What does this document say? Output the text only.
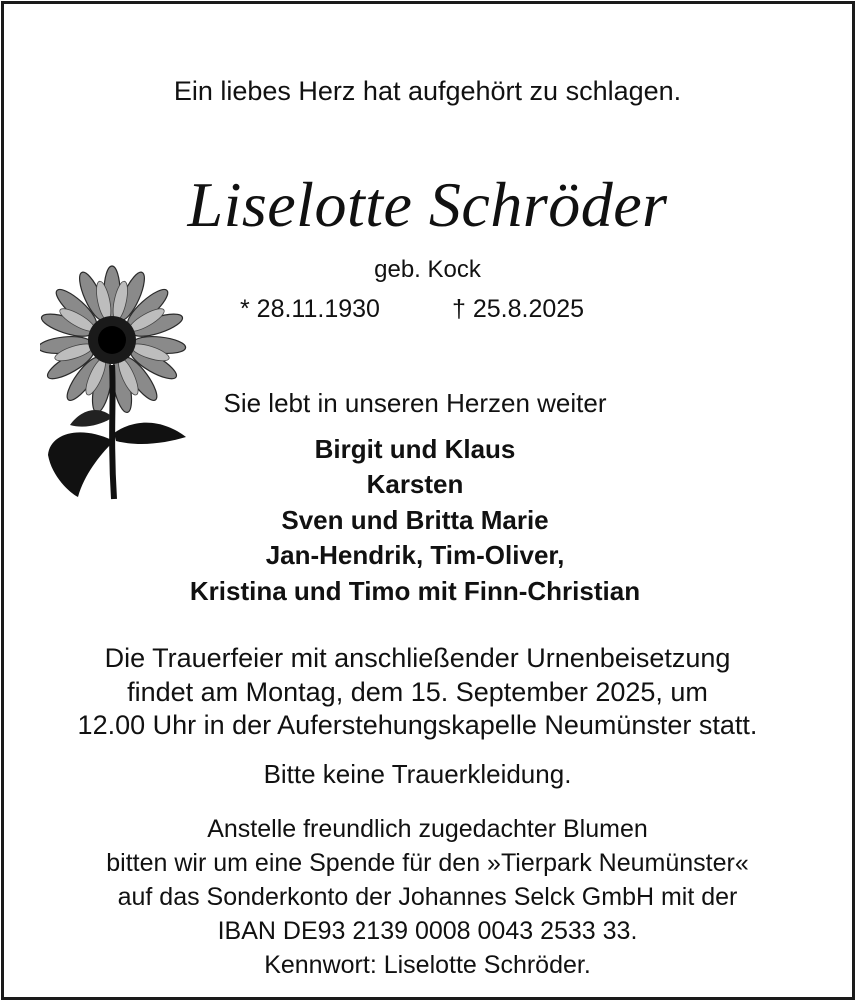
Ein liebes Herz hat aufgehört zu schlagen.
Liselotte Schröder
geb. Kock
* 28.11.1930	† 25.8.2025
Sie lebt in unseren Herzen weiter
Birgit und Klaus
Karsten
Sven und Britta Marie
Jan-Hendrik, Tim-Oliver,
Kristina und Timo mit Finn-Christian
Die Trauerfeier mit anschließender Urnenbeisetzung
findet am Montag, dem 15. September 2025, um
12.00 Uhr in der Auferstehungskapelle Neumünster statt.
Bitte keine Trauerkleidung.
Anstelle freundlich zugedachter Blumen
bitten wir um eine Spende für den »Tierpark Neumünster«
auf das Sonderkonto der Johannes Selck GmbH mit der
IBAN DE93 2139 0008 0043 2533 33.
Kennwort: Liselotte Schröder.
